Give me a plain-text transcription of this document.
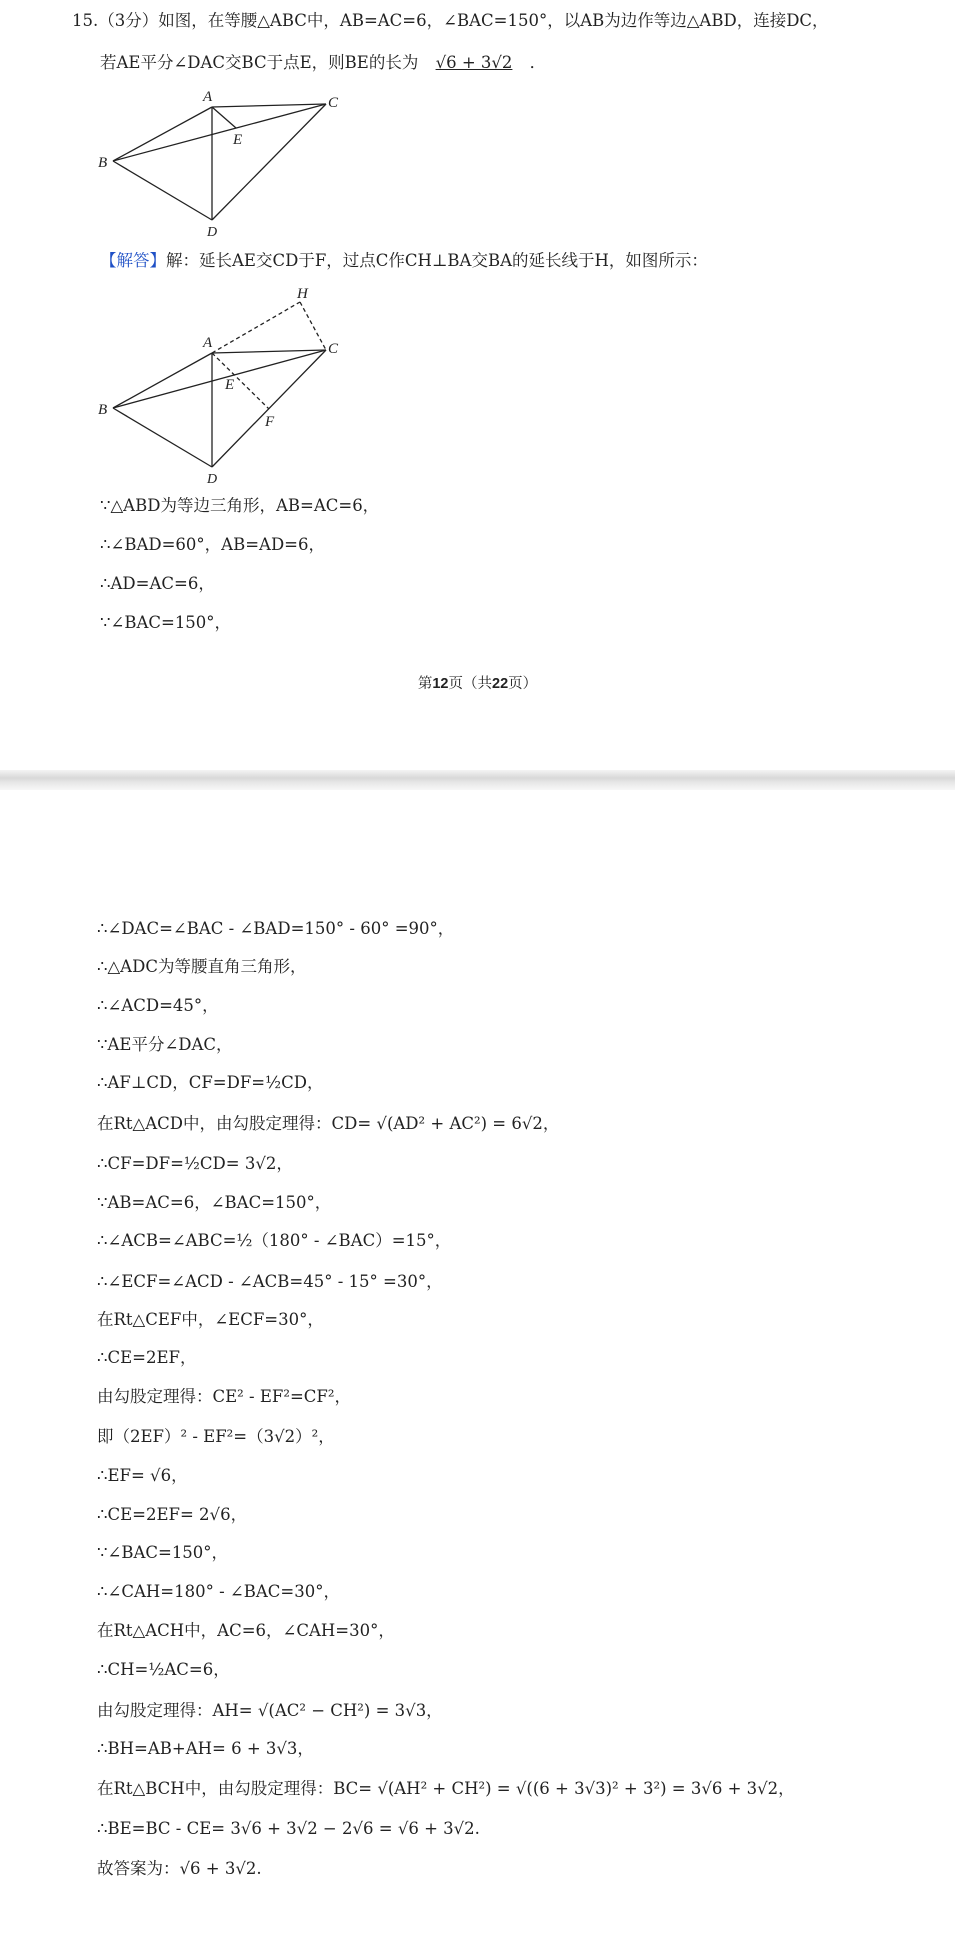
15.（3分）如图，在等腰△ABC中，AB=AC=6，∠BAC=150°，以AB为边作等边△ABD，连接DC，
若AE平分∠DAC交BC于点E，则BE的长为 √6 + 3√2 ．
A
B
C
D
E
【解答】解：延长AE交CD于F，过点C作CH⊥BA交BA的延长线于H，如图所示：
A
B
C
D
E
F
H
∵△ABD为等边三角形，AB=AC=6，
∴∠BAD=60°，AB=AD=6，
∴AD=AC=6，
∵∠BAC=150°，
第12页（共22页）
∴∠DAC=∠BAC - ∠BAD=150° - 60° =90°，
∴△ADC为等腰直角三角形，
∴∠ACD=45°，
∵AE平分∠DAC，
∴AF⊥CD，CF=DF=½CD，
在Rt△ACD中，由勾股定理得：CD= √(AD² + AC²) = 6√2，
∴CF=DF=½CD= 3√2，
∵AB=AC=6，∠BAC=150°，
∴∠ACB=∠ABC=½（180° - ∠BAC）=15°，
∴∠ECF=∠ACD - ∠ACB=45° - 15° =30°，
在Rt△CEF中，∠ECF=30°，
∴CE=2EF，
由勾股定理得：CE² - EF²=CF²，
即（2EF）² - EF²=（3√2）²，
∴EF= √6，
∴CE=2EF= 2√6，
∵∠BAC=150°，
∴∠CAH=180° - ∠BAC=30°，
在Rt△ACH中，AC=6，∠CAH=30°，
∴CH=½AC=6，
由勾股定理得：AH= √(AC² − CH²) = 3√3，
∴BH=AB+AH= 6 + 3√3，
在Rt△BCH中，由勾股定理得：BC= √(AH² + CH²) = √((6 + 3√3)² + 3²) = 3√6 + 3√2，
∴BE=BC - CE= 3√6 + 3√2 − 2√6 = √6 + 3√2.
故答案为：√6 + 3√2.
